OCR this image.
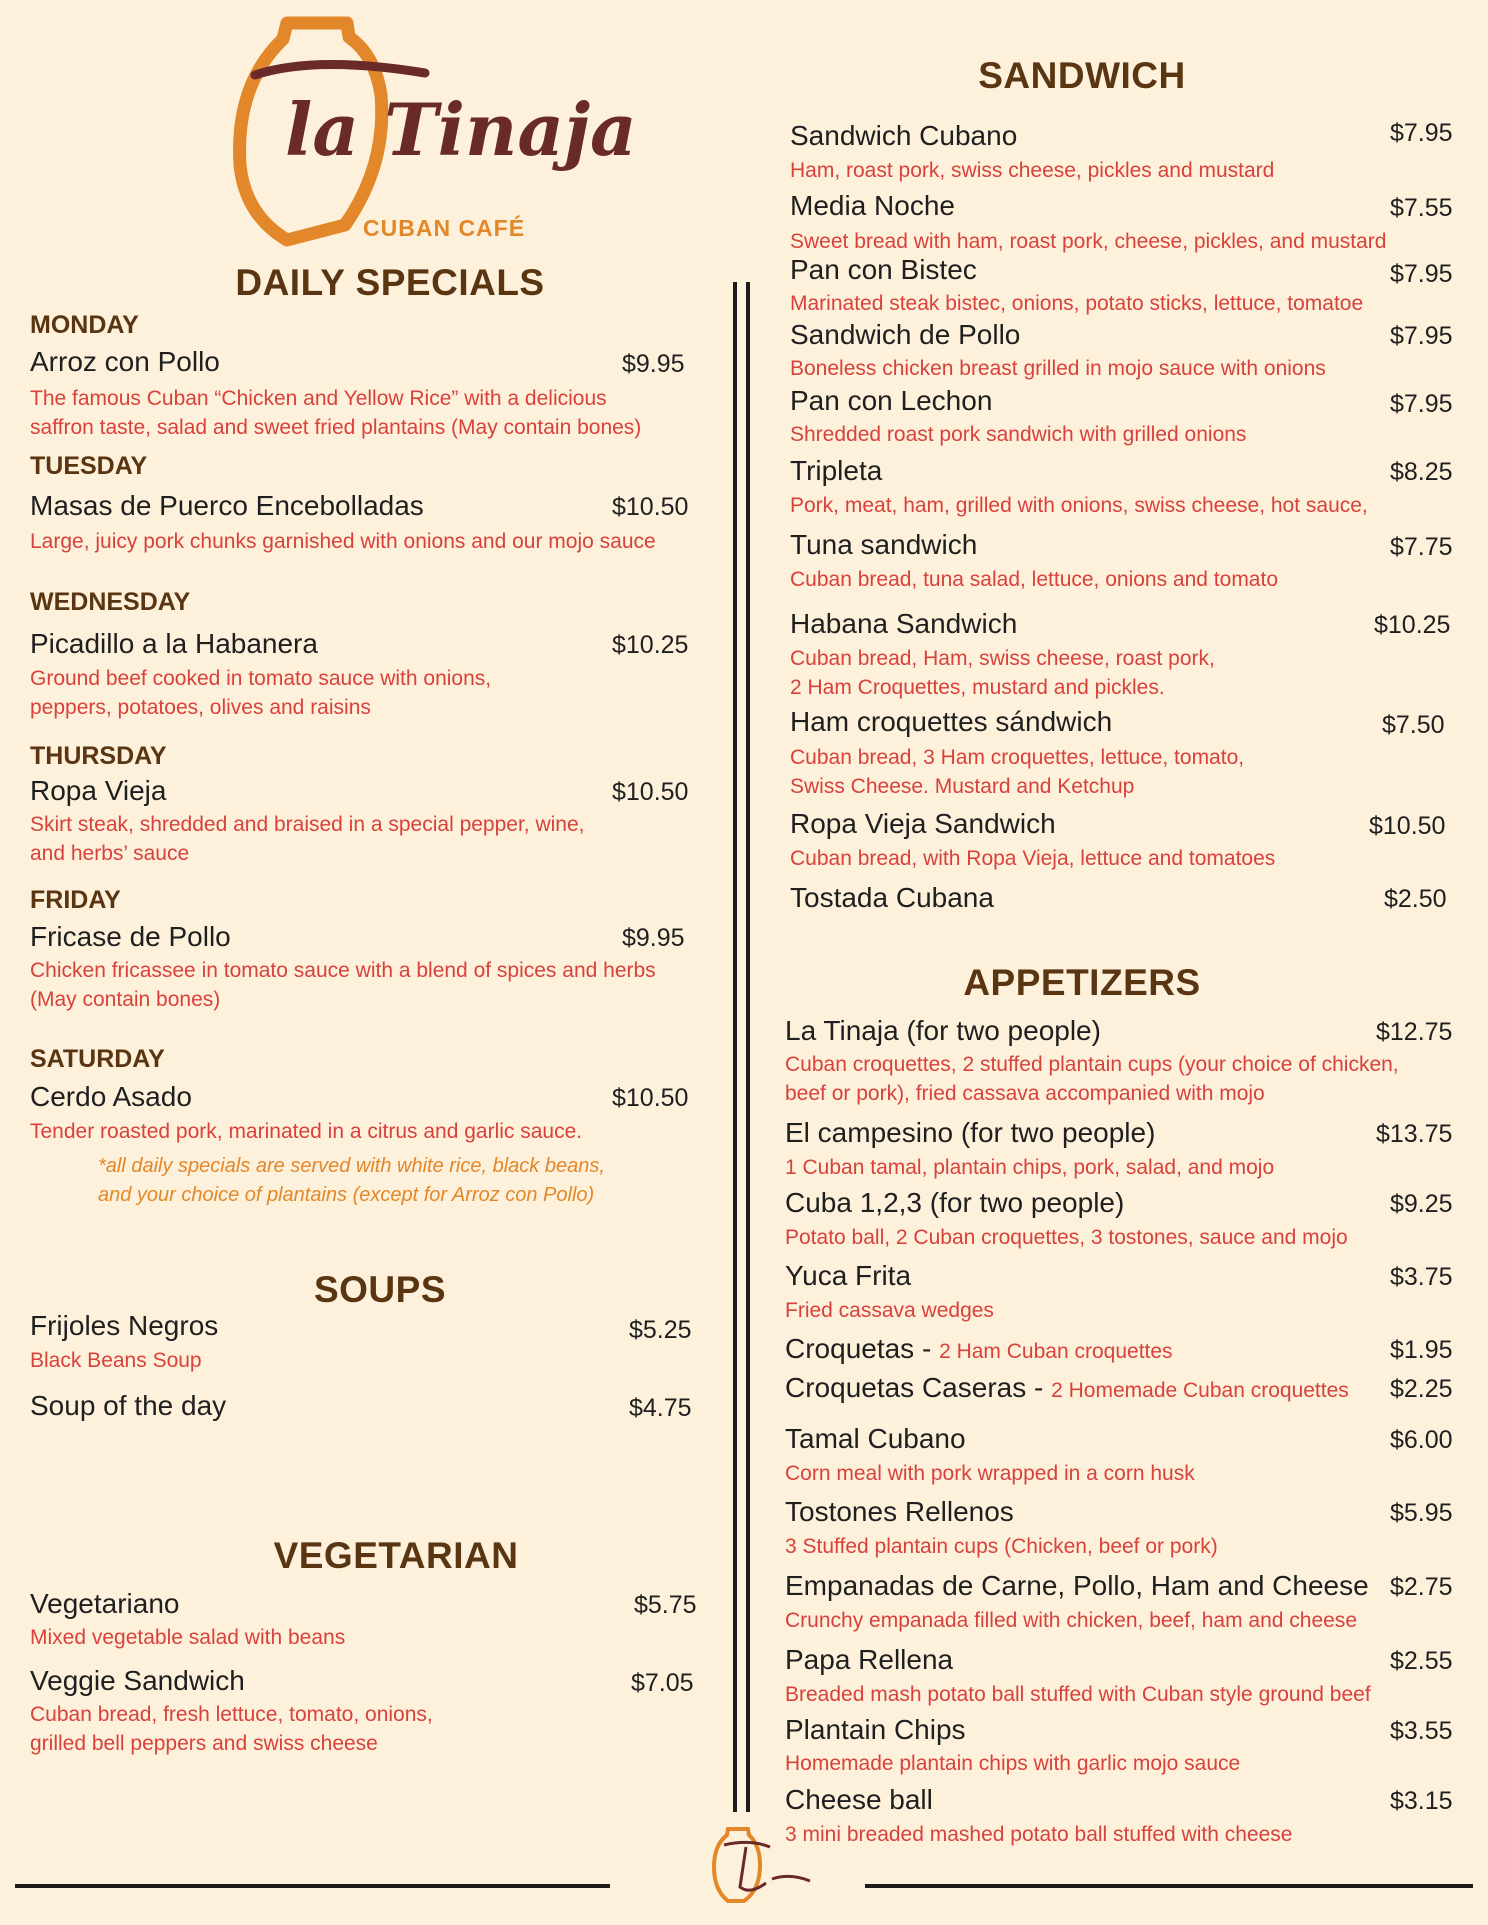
la Tinaja
CUBAN CAFÉ
DAILY SPECIALS
MONDAY
Arroz con Pollo	$9.95
The famous Cuban “Chicken and Yellow Rice” with a delicious
saffron taste, salad and sweet fried plantains (May contain bones)
TUESDAY
Masas de Puerco Encebolladas	$10.50
Large, juicy pork chunks garnished with onions and our mojo sauce
WEDNESDAY
Picadillo a la Habanera	$10.25
Ground beef cooked in tomato sauce with onions,
peppers, potatoes, olives and raisins
THURSDAY
Ropa Vieja	$10.50
Skirt steak, shredded and braised in a special pepper, wine,
and herbs’ sauce
FRIDAY
Fricase de Pollo	$9.95
Chicken fricassee in tomato sauce with a blend of spices and herbs
(May contain bones)
SATURDAY
Cerdo Asado	$10.50
Tender roasted pork, marinated in a citrus and garlic sauce.
*all daily specials are served with white rice, black beans,
and your choice of plantains (except for Arroz con Pollo)
SOUPS
Frijoles Negros	$5.25
Black Beans Soup
Soup of the day	$4.75
VEGETARIAN
Vegetariano	$5.75
Mixed vegetable salad with beans
Veggie Sandwich	$7.05
Cuban bread, fresh lettuce, tomato, onions,
grilled bell peppers and swiss cheese
SANDWICH
Sandwich Cubano	$7.95
Ham, roast pork, swiss cheese, pickles and mustard
Media Noche	$7.55
Sweet bread with ham, roast pork, cheese, pickles, and mustard
Pan con Bistec	$7.95
Marinated steak bistec, onions, potato sticks, lettuce, tomatoe
Sandwich de Pollo	$7.95
Boneless chicken breast grilled in mojo sauce with onions
Pan con Lechon	$7.95
Shredded roast pork sandwich with grilled onions
Tripleta	$8.25
Pork, meat, ham, grilled with onions, swiss cheese, hot sauce,
Tuna sandwich	$7.75
Cuban bread, tuna salad, lettuce, onions and tomato
Habana Sandwich	$10.25
Cuban bread, Ham, swiss cheese, roast pork,
2 Ham Croquettes, mustard and pickles.
Ham croquettes sándwich	$7.50
Cuban bread, 3 Ham croquettes, lettuce, tomato,
Swiss Cheese. Mustard and Ketchup
Ropa Vieja Sandwich	$10.50
Cuban bread, with Ropa Vieja, lettuce and tomatoes
Tostada Cubana	$2.50
APPETIZERS
La Tinaja (for two people)	$12.75
Cuban croquettes, 2 stuffed plantain cups (your choice of chicken,
beef or pork), fried cassava accompanied with mojo
El campesino (for two people)	$13.75
1 Cuban tamal, plantain chips, pork, salad, and mojo
Cuba 1,2,3 (for two people)	$9.25
Potato ball, 2 Cuban croquettes, 3 tostones, sauce and mojo
Yuca Frita	$3.75
Fried cassava wedges
Croquetas - 2 Ham Cuban croquettes	$1.95
Croquetas Caseras - 2 Homemade Cuban croquettes $2.25
Tamal Cubano	$6.00
Corn meal with pork wrapped in a corn husk
Tostones Rellenos	$5.95
3 Stuffed plantain cups (Chicken, beef or pork)
Empanadas de Carne, Pollo, Ham and Cheese $2.75
Crunchy empanada filled with chicken, beef, ham and cheese
Papa Rellena	$2.55
Breaded mash potato ball stuffed with Cuban style ground beef
Plantain Chips	$3.55
Homemade plantain chips with garlic mojo sauce
Cheese ball	$3.15
3 mini breaded mashed potato ball stuffed with cheese
